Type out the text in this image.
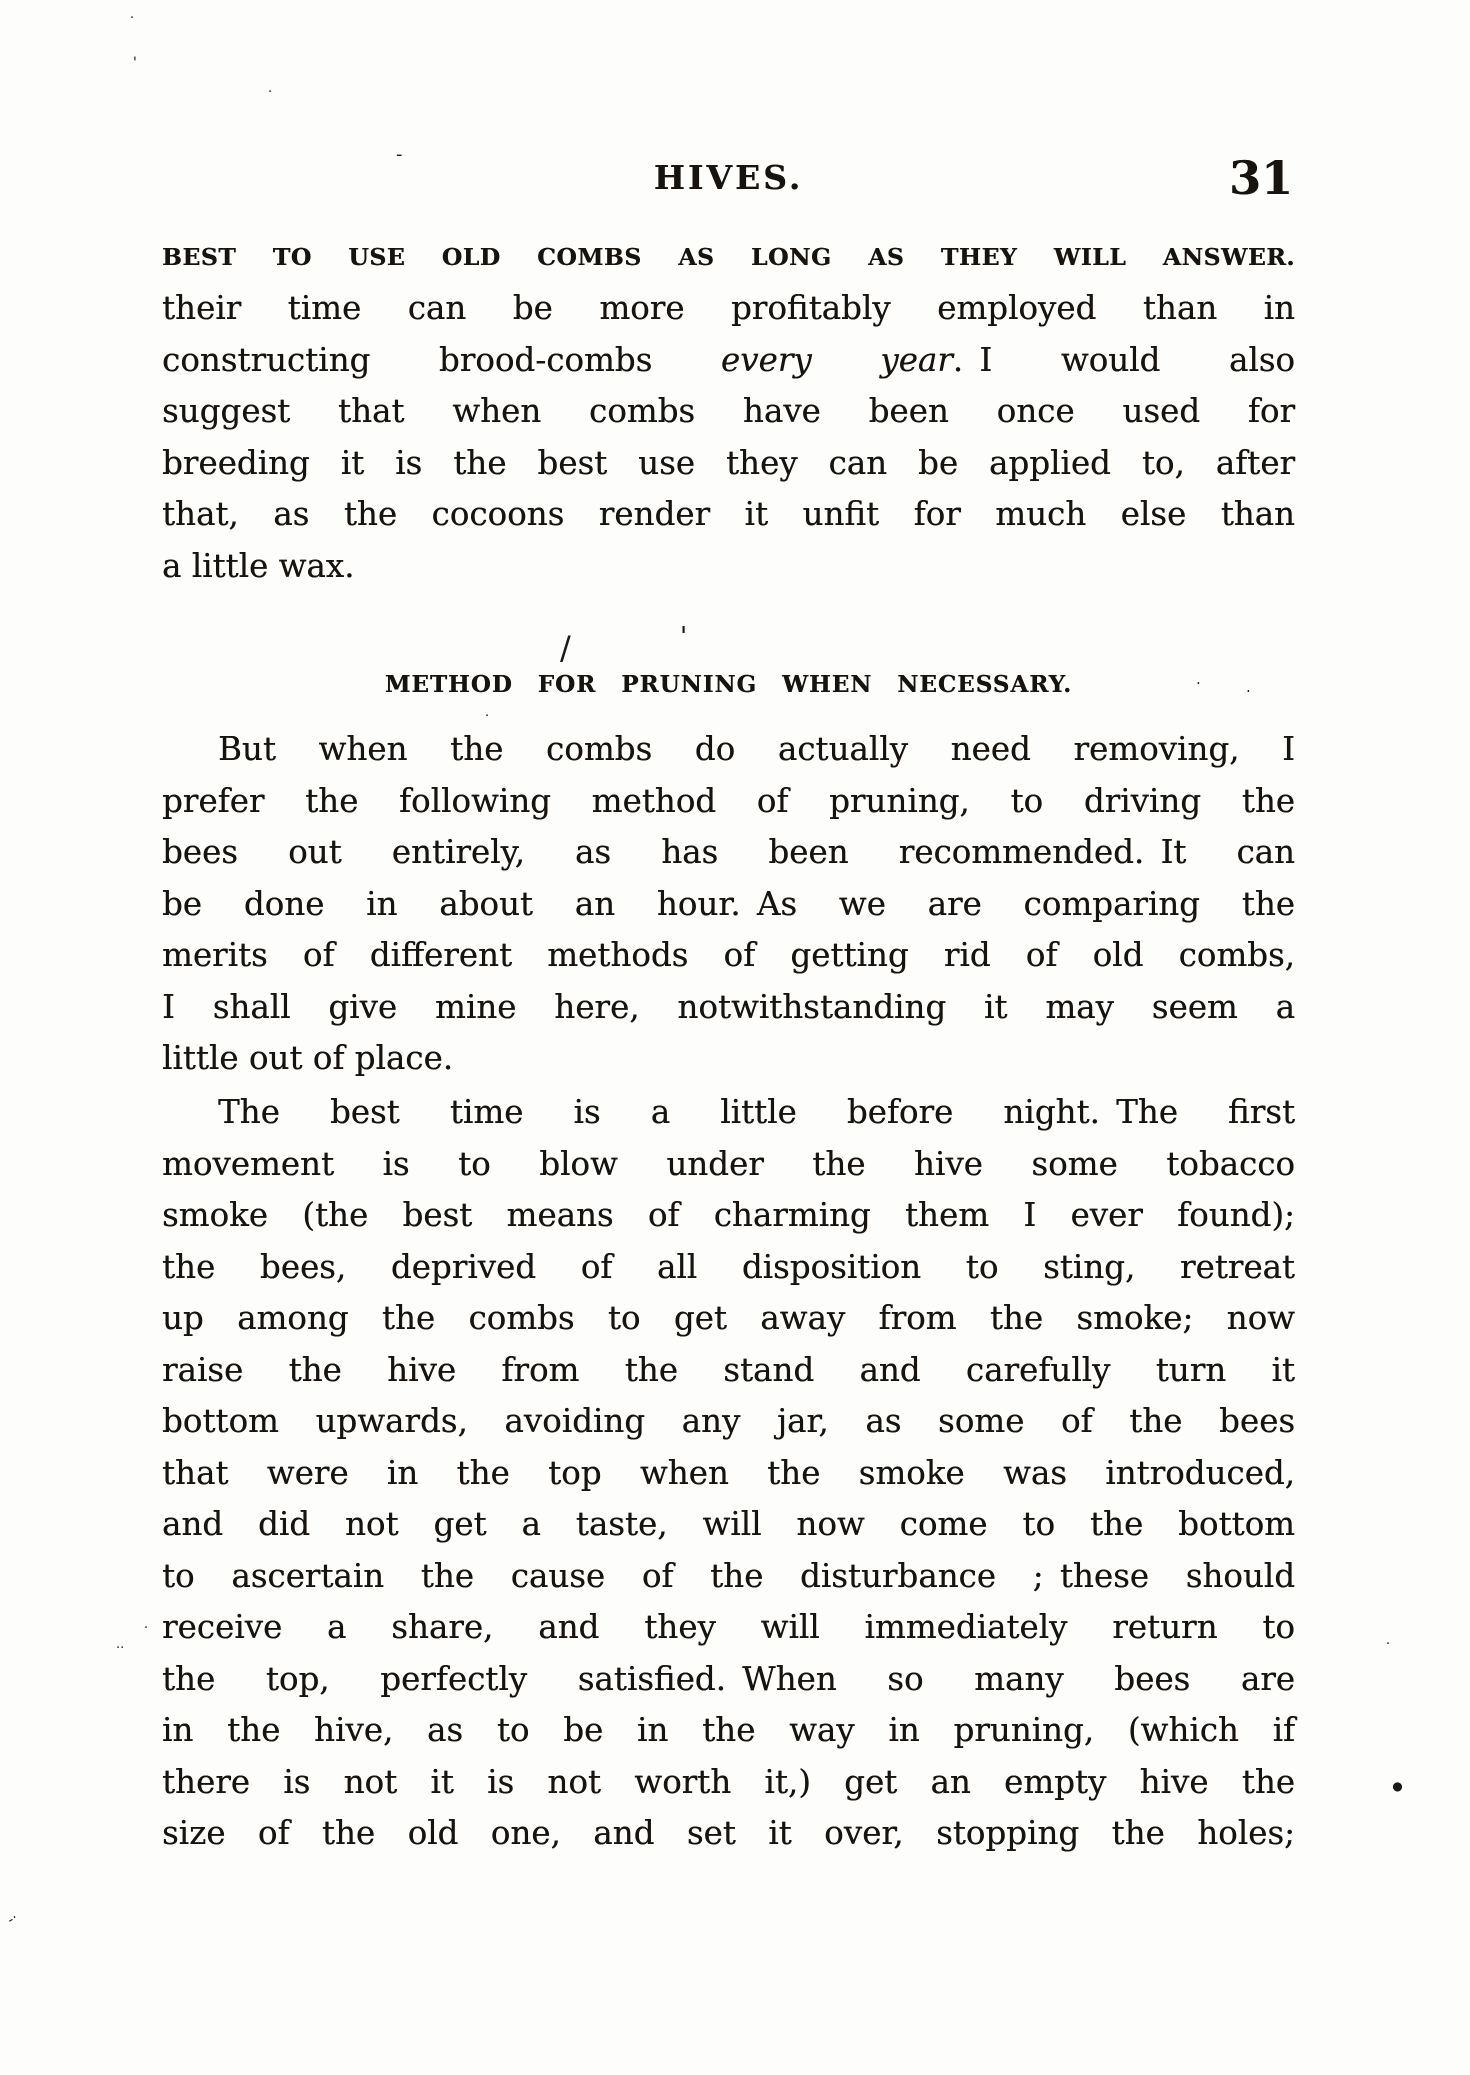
HIVES.	31
BEST TO USE OLD COMBS AS LONG AS THEY WILL ANSWER.
their time can be more profitably employed than in
constructing brood-combs every year. I would also
suggest that when combs have been once used for
breeding it is the best use they can be applied to, after
that, as the cocoons render it unfit for much else than
a little wax.
METHOD FOR PRUNING WHEN NECESSARY.
But when the combs do actually need removing, I
prefer the following method of pruning, to driving the
bees out entirely, as has been recommended. It can
be done in about an hour. As we are comparing the
merits of different methods of getting rid of old combs,
I shall give mine here, notwithstanding it may seem a
little out of place.
The best time is a little before night. The first
movement is to blow under the hive some tobacco
smoke (the best means of charming them I ever found);
the bees, deprived of all disposition to sting, retreat
up among the combs to get away from the smoke; now
raise the hive from the stand and carefully turn it
bottom upwards, avoiding any jar, as some of the bees
that were in the top when the smoke was introduced,
and did not get a taste, will now come to the bottom
to ascertain the cause of the disturbance ; these should
receive a share, and they will immediately return to
the top, perfectly satisfied. When so many bees are
in the hive, as to be in the way in pruning, (which if
there is not it is not worth it,) get an empty hive the
size of the old one, and set it over, stopping the holes;
.
'
.
-
/	'
.
.	.
.
..	.
●
-·
